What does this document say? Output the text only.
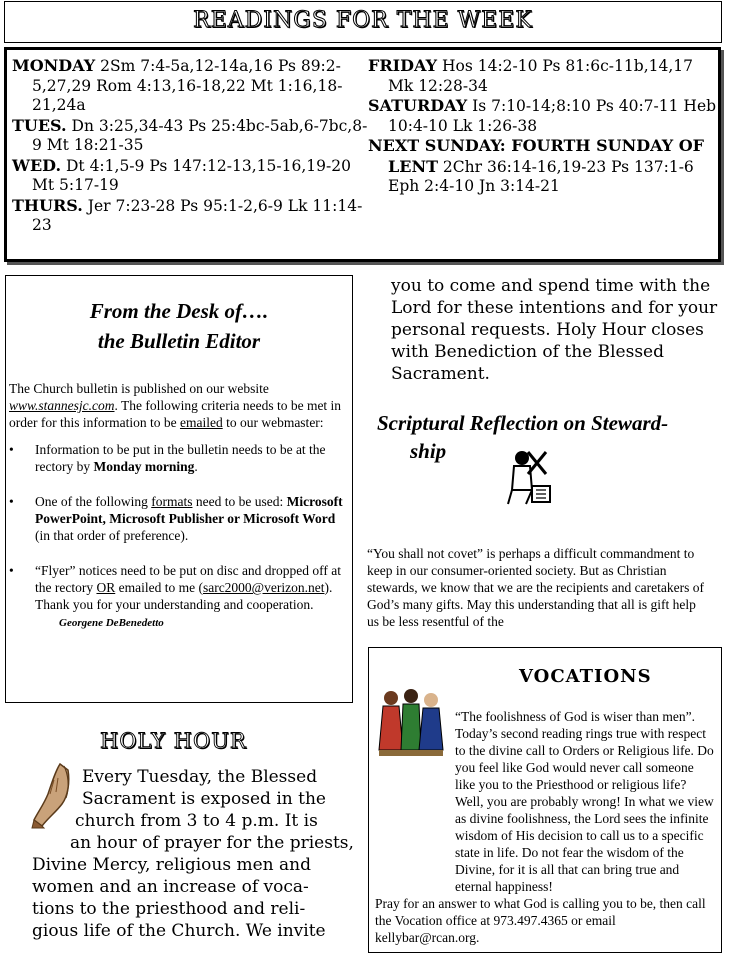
READINGS FOR THE WEEK
MONDAY 2Sm 7:4-5a,12-14a,16 Ps 89:2-5,27,29 Rom 4:13,16-18,22 Mt 1:16,18-21,24a
TUES. Dn 3:25,34-43 Ps 25:4bc-5ab,6-7bc,8-9 Mt 18:21-35
WED. Dt 4:1,5-9 Ps 147:12-13,15-16,19-20 Mt 5:17-19
THURS. Jer 7:23-28 Ps 95:1-2,6-9 Lk 11:14-23
FRIDAY Hos 14:2-10 Ps 81:6c-11b,14,17 Mk 12:28-34
SATURDAY Is 7:10-14;8:10 Ps 40:7-11 Heb 10:4-10 Lk 1:26-38
NEXT SUNDAY: FOURTH SUNDAY OF LENT 2Chr 36:14-16,19-23 Ps 137:1-6 Eph 2:4-10 Jn 3:14-21
From the Desk of….
the Bulletin Editor
The Church bulletin is published on our website www.stannesjc.com. The following criteria needs to be met in order for this information to be emailed to our webmaster:
• Information to be put in the bulletin needs to be at the rectory by Monday morning.
• One of the following formats need to be used: Microsoft PowerPoint, Microsoft Publisher or Microsoft Word (in that order of preference).
• “Flyer” notices need to be put on disc and dropped off at the rectory OR emailed to me (sarc2000@verizon.net).
Thank you for your understanding and cooperation. Georgene DeBenedetto
HOLY HOUR
Every Tuesday, the Blessed
Sacrament is exposed in the
church from 3 to 4 p.m. It is
an hour of prayer for the priests,
Divine Mercy, religious men and
women and an increase of voca-
tions to the priesthood and reli-
gious life of the Church. We invite
you to come and spend time with the Lord for these intentions and for your personal requests. Holy Hour closes with Benediction of the Blessed Sacrament.
Scriptural Reflection on Steward-
ship
“You shall not covet” is perhaps a difficult commandment to keep in our consumer-oriented society. But as Christian stewards, we know that we are the recipients and caretakers of God’s many gifts. May this understanding that all is gift help us be less resentful of the
VOCATIONS
“The foolishness of God is wiser than men”. Today’s second reading rings true with respect to the divine call to Orders or Religious life. Do you feel like God would never call someone like you to the Priesthood or religious life? Well, you are probably wrong! In what we view as divine foolishness, the Lord sees the infinite wisdom of His decision to call us to a specific state in life. Do not fear the wisdom of the Divine, for it is all that can bring true and eternal happiness!
Pray for an answer to what God is calling you to be, then call the Vocation office at 973.497.4365 or email kellybar@rcan.org.
